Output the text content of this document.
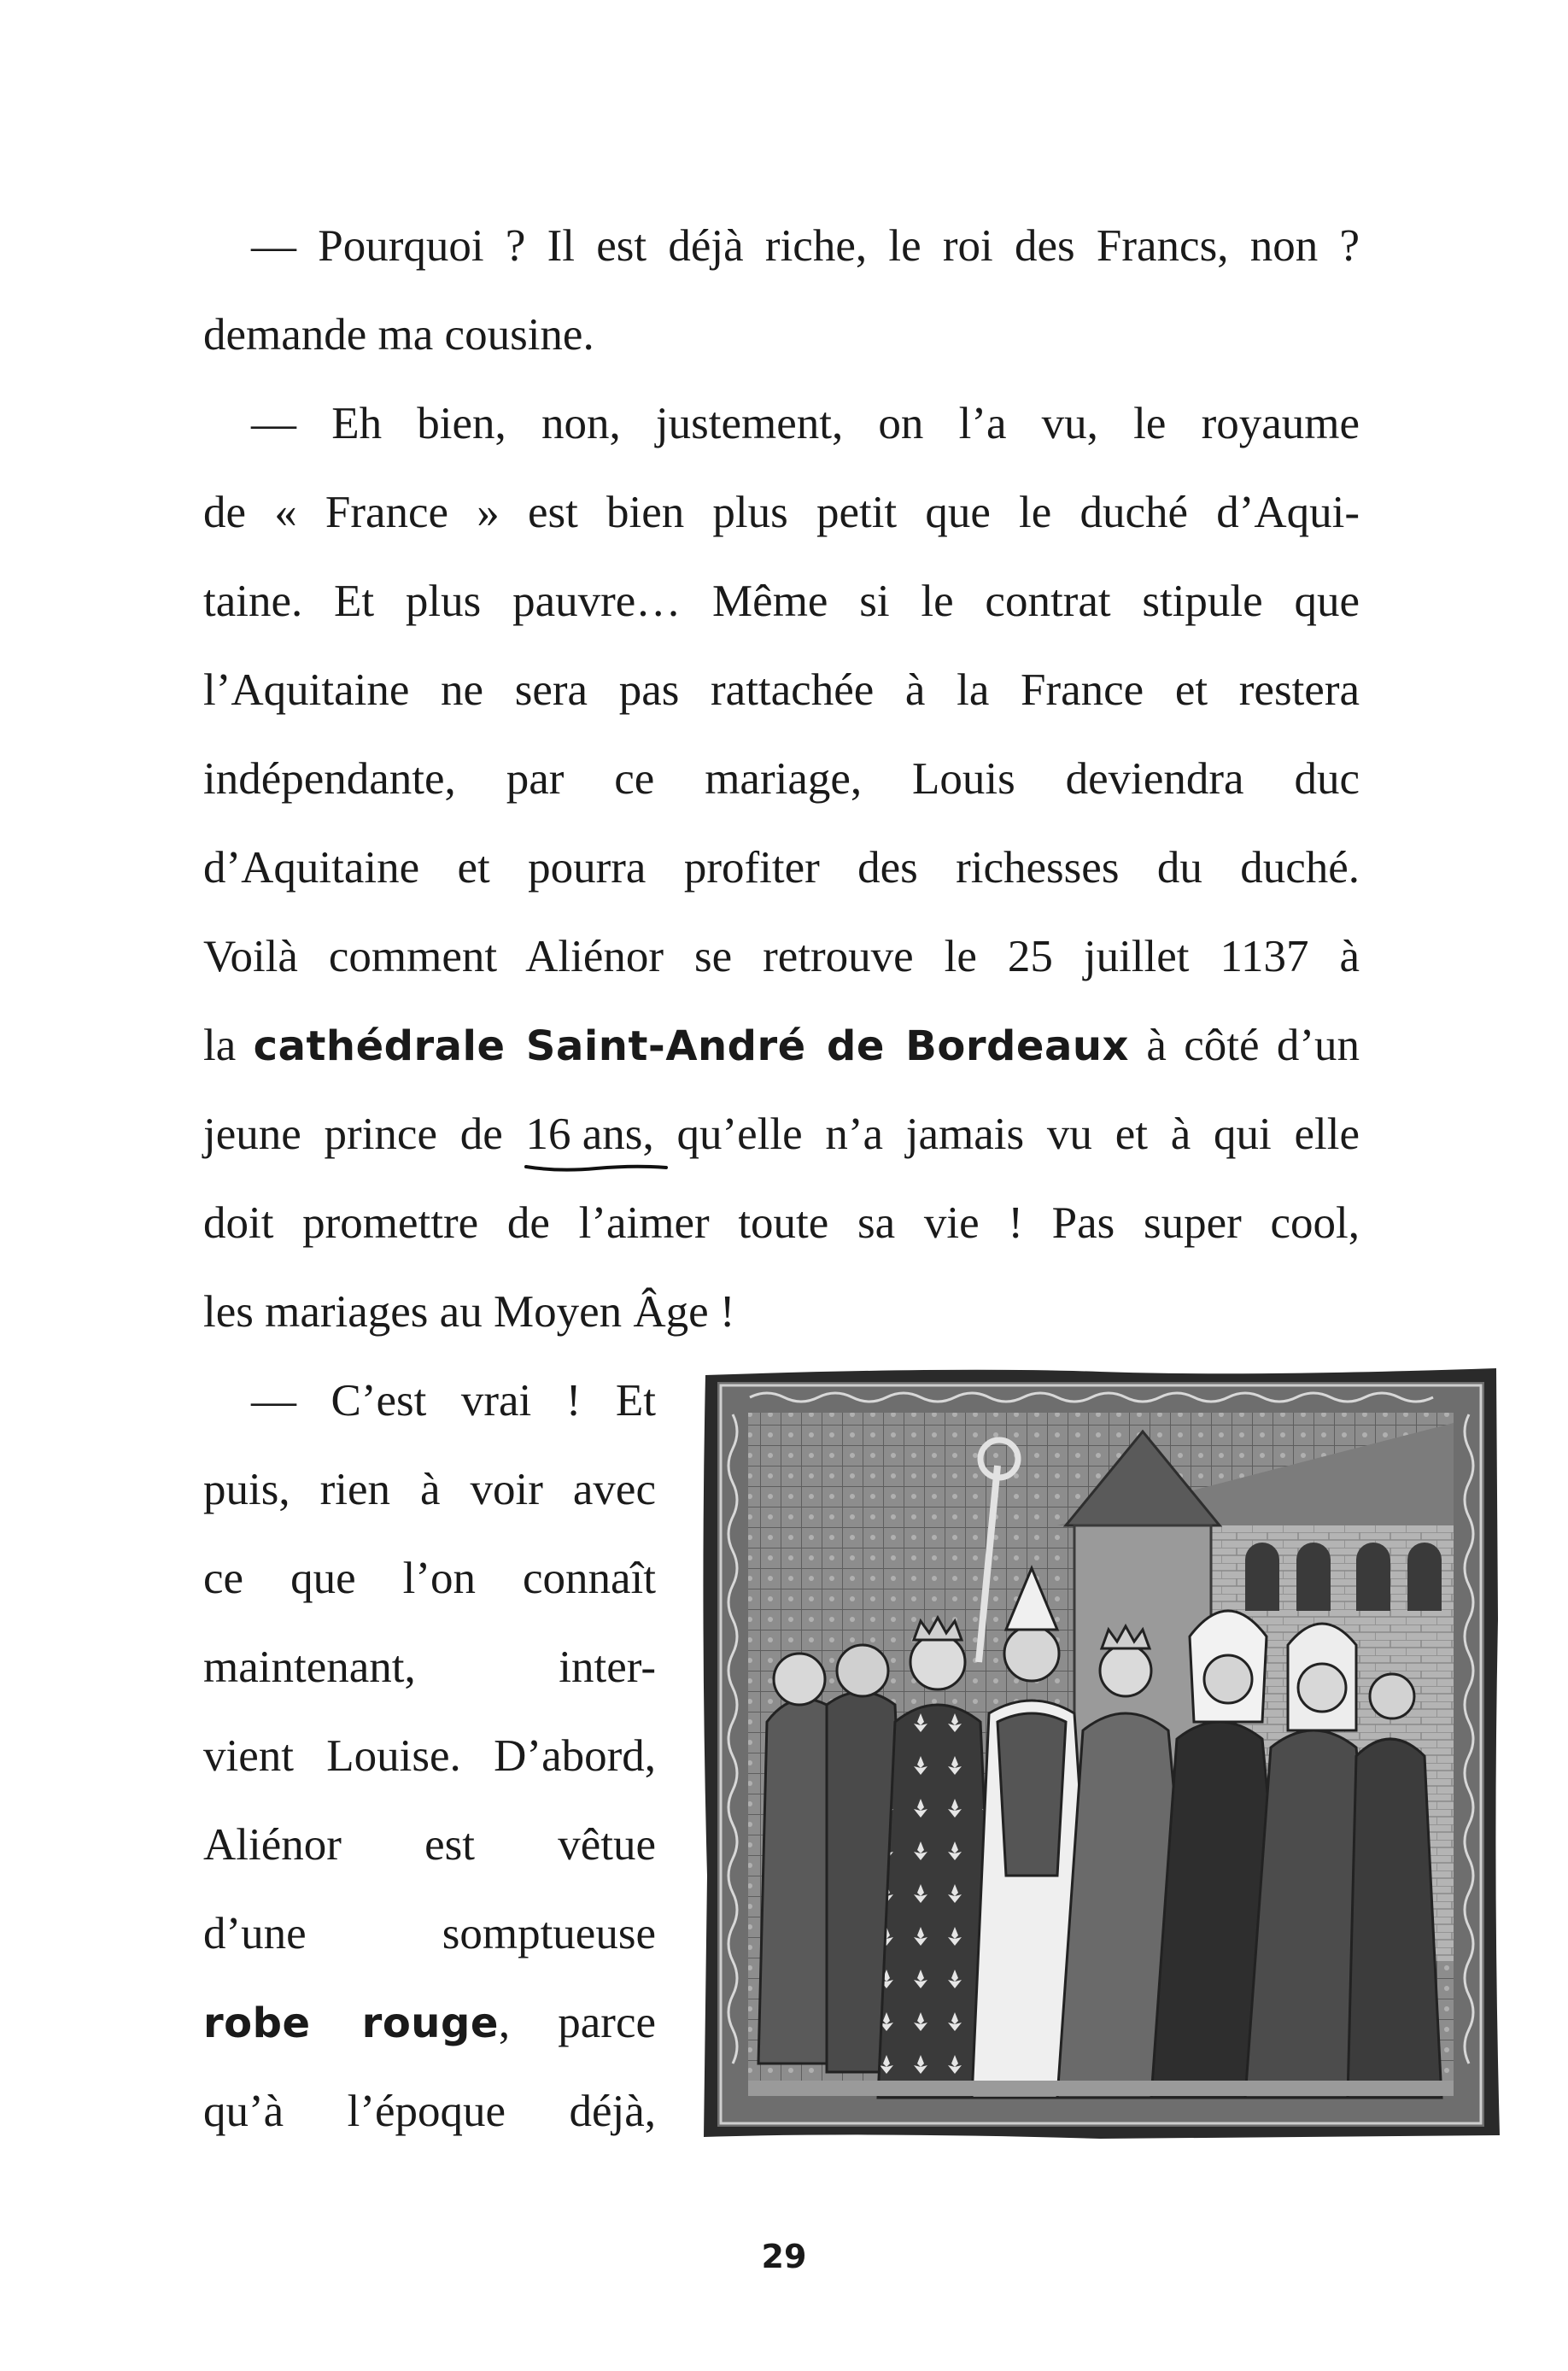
— Pourquoi ? Il est déjà riche, le roi des Francs, non ?
demande ma cousine.
— Eh bien, non, justement, on l’a vu, le royaume
de « France » est bien plus petit que le duché d’Aqui-
taine. Et plus pauvre… Même si le contrat stipule que
l’Aquitaine ne sera pas rattachée à la France et restera
indépendante, par ce mariage, Louis deviendra duc
d’Aquitaine et pourra profiter des richesses du duché.
Voilà comment Aliénor se retrouve le 25 juillet 1137 à
la cathédrale Saint-André de Bordeaux à côté d’un
jeune prince de 16 ans
, qu’elle n’a jamais vu et à qui elle
doit promettre de l’aimer toute sa vie ! Pas super cool,
les mariages au Moyen Âge !
— C’est vrai ! Et
puis, rien à voir avec
ce que l’on connaît
maintenant, inter-
vient Louise. D’abord,
Aliénor est vêtue
d’une somptueuse
robe rouge, parce
qu’à l’époque déjà,
29
